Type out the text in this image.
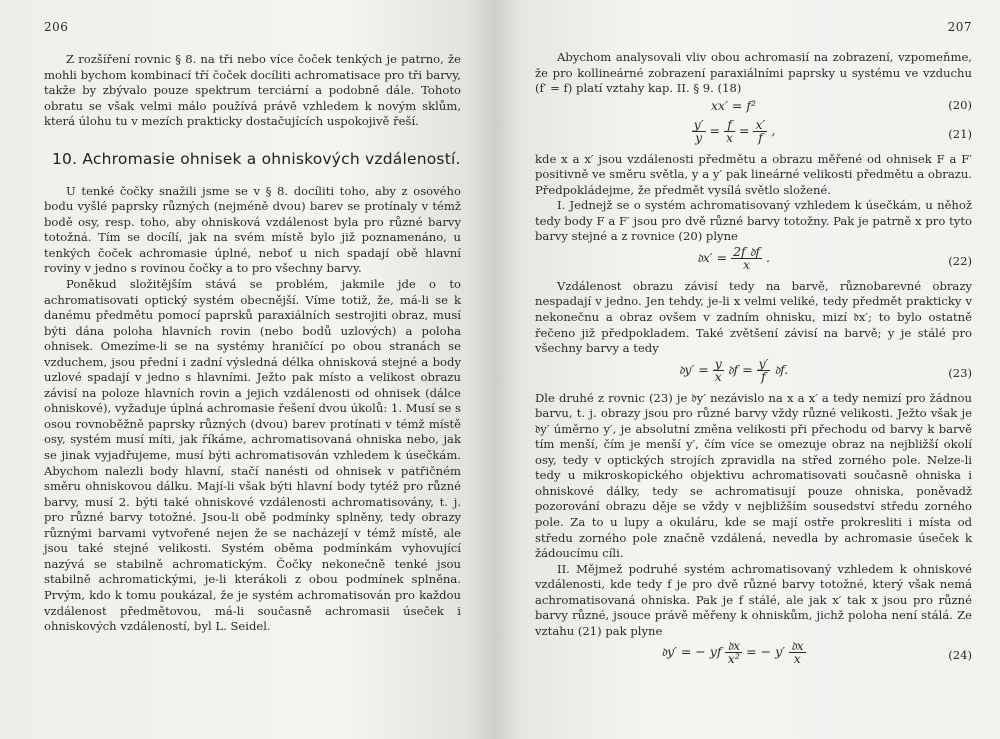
206

Z rozšíření rovnic § 8. na tři nebo více čoček tenkých je patrno, že mohli bychom kombinací tří čoček docíliti achromatisace pro tři barvy, takže by zbývalo pouze spektrum terciární a podobně dále. Tohoto obratu se však velmi málo používá právě vzhledem k novým sklům, která úlohu tu v mezích prakticky dostačujících uspokojivě řeší.

10. Achromasie ohnisek a ohniskových vzdáleností.

U tenké čočky snažili jsme se v § 8. docíliti toho, aby z osového bodu vyšlé paprsky různých (nejméně dvou) barev se protínaly v témž bodě osy, resp. toho, aby ohnisková vzdálenost byla pro různé barvy totožná. Tím se docílí, jak na svém místě bylo již poznamenáno, u tenkých čoček achromasie úplné, neboť u nich spadají obě hlavní roviny v jedno s rovinou čočky a to pro všechny barvy.

Poněkud složitějším stává se problém, jakmile jde o to achromatisovati optický systém obecnější. Víme totiž, že, má-li se k danému předmětu pomocí paprsků paraxiálních sestrojiti obraz, musí býti dána poloha hlavních rovin (nebo bodů uzlových) a poloha ohnisek. Omezíme-li se na systémy hraničící po obou stranách se vzduchem, jsou přední i zadní výsledná délka ohnisková stejné a body uzlové spadají v jedno s hlavními. Ježto pak místo a velikost obrazu závisí na poloze hlavních rovin a jejich vzdálenosti od ohnisek (dálce ohniskové), vyžaduje úplná achromasie řešení dvou úkolů: 1. Musí se s osou rovnoběžně paprsky různých (dvou) barev protínati v témž místě osy, systém musí míti, jak říkáme, achromatisovaná ohniska nebo, jak se jinak vyjadřujeme, musí býti achromatisován vzhledem k úsečkám. Abychom nalezli body hlavní, stačí nanésti od ohnisek v patřičném směru ohniskovou dálku. Mají-li však býti hlavní body tytéž pro různé barvy, musí 2. býti také ohniskové vzdálenosti achromatisovány, t. j. pro různé barvy totožné. Jsou-li obě podmínky splněny, tedy obrazy různými barvami vytvořené nejen že se nacházejí v témž místě, ale jsou také stejné velikosti. Systém oběma podmínkám vyhovující nazývá se stabilně achromatickým. Čočky nekonečně tenké jsou stabilně achromatickými, je-li kterákoli z obou podmínek splněna. Prvým, kdo k tomu poukázal, že je systém achromatisován pro každou vzdálenost předmětovou, má-li současně achromasii úseček i ohniskových vzdáleností, byl L. Seidel.

207

Abychom analysovali vliv obou achromasií na zobrazení, vzpomeňme, že pro kollineárné zobrazení paraxiálními paprsky u systému ve vzduchu (f′ = f) platí vztahy kap. II. § 9. (18)

xx′ = f²	(20)
$\frac{y'}{y} = \frac{f}{x} = \frac{x'}{f}$ ,	(21)

kde x a x′ jsou vzdálenosti předmětu a obrazu měřené od ohnisek F a F′ positivně ve směru světla, y a y′ pak lineárné velikosti předmětu a obrazu. Předpokládejme, že předmět vysílá světlo složené.

I. Jednejž se o systém achromatisovaný vzhledem k úsečkám, u něhož tedy body F a F′ jsou pro dvě různé barvy totožny. Pak je patrně x pro tyto barvy stejné a z rovnice (20) plyne

𝔡x′ = $\frac{\text{2f 𝔡f}}{x}$ .	(22)

Vzdálenost obrazu závisí tedy na barvě, různobarevné obrazy nespadají v jedno. Jen tehdy, je-li x velmi veliké, tedy předmět prakticky v nekonečnu a obraz ovšem v zadním ohnisku, mizí 𝔡x′; to bylo ostatně řečeno již předpokladem. Také zvětšení závisí na barvě; y je stálé pro všechny barvy a tedy

𝔡y′ = $\frac{y}{x}$ 𝔡f = $\frac{y'}{f}$ 𝔡f.	(23)

Dle druhé z rovnic (23) je 𝔡y′ nezávislo na x a x′ a tedy nemizí pro žádnou barvu, t. j. obrazy jsou pro různé barvy vždy různé velikosti. Ježto však je 𝔡y′ úměrno y′, je absolutní změna velikosti při přechodu od barvy k barvě tím menší, čím je menší y′, čím více se omezuje obraz na nejbližší okolí osy, tedy v optických strojích zpravidla na střed zorného pole. Nelze-li tedy u mikroskopického objektivu achromatisovati současně ohniska i ohniskové dálky, tedy se achromatisují pouze ohniska, poněvadž pozorování obrazu děje se vždy v nejbližším sousedství středu zorného pole. Za to u lupy a okuláru, kde se mají ostře prokresliti i místa od středu zorného pole značně vzdálená, nevedla by achromasie úseček k žádoucímu cíli.

II. Mějmež podruhé systém achromatisovaný vzhledem k ohniskové vzdálenosti, kde tedy f je pro dvě různé barvy totožné, který však nemá achromatisovaná ohniska. Pak je f stálé, ale jak x′ tak x jsou pro různé barvy různé, jsouce právě měřeny k ohniskům, jichž poloha není stálá. Ze vztahu (21) pak plyne

𝔡y′ = − yf $\frac{\text{𝔡x}}{\text{x²}}$ = − $y' \frac{\text{𝔡x}}{x}$	(24)
